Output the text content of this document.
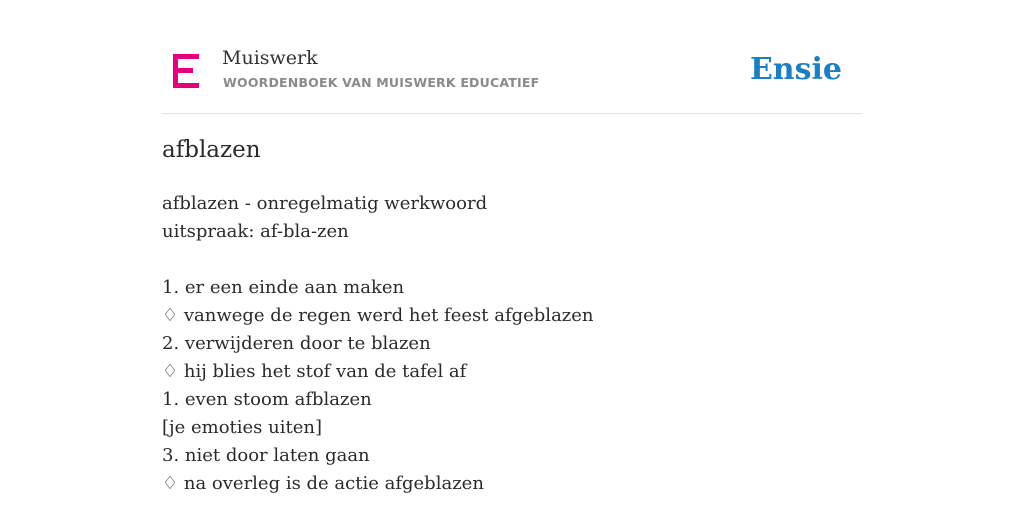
Muiswerk
WOORDENBOEK VAN MUISWERK EDUCATIEF	Ensie
afblazen
afblazen - onregelmatig werkwoord
uitspraak: af-bla-zen
1. er een einde aan maken
♢ vanwege de regen werd het feest afgeblazen
2. verwijderen door te blazen
♢ hij blies het stof van de tafel af
1. even stoom afblazen
[je emoties uiten]
3. niet door laten gaan
♢ na overleg is de actie afgeblazen
